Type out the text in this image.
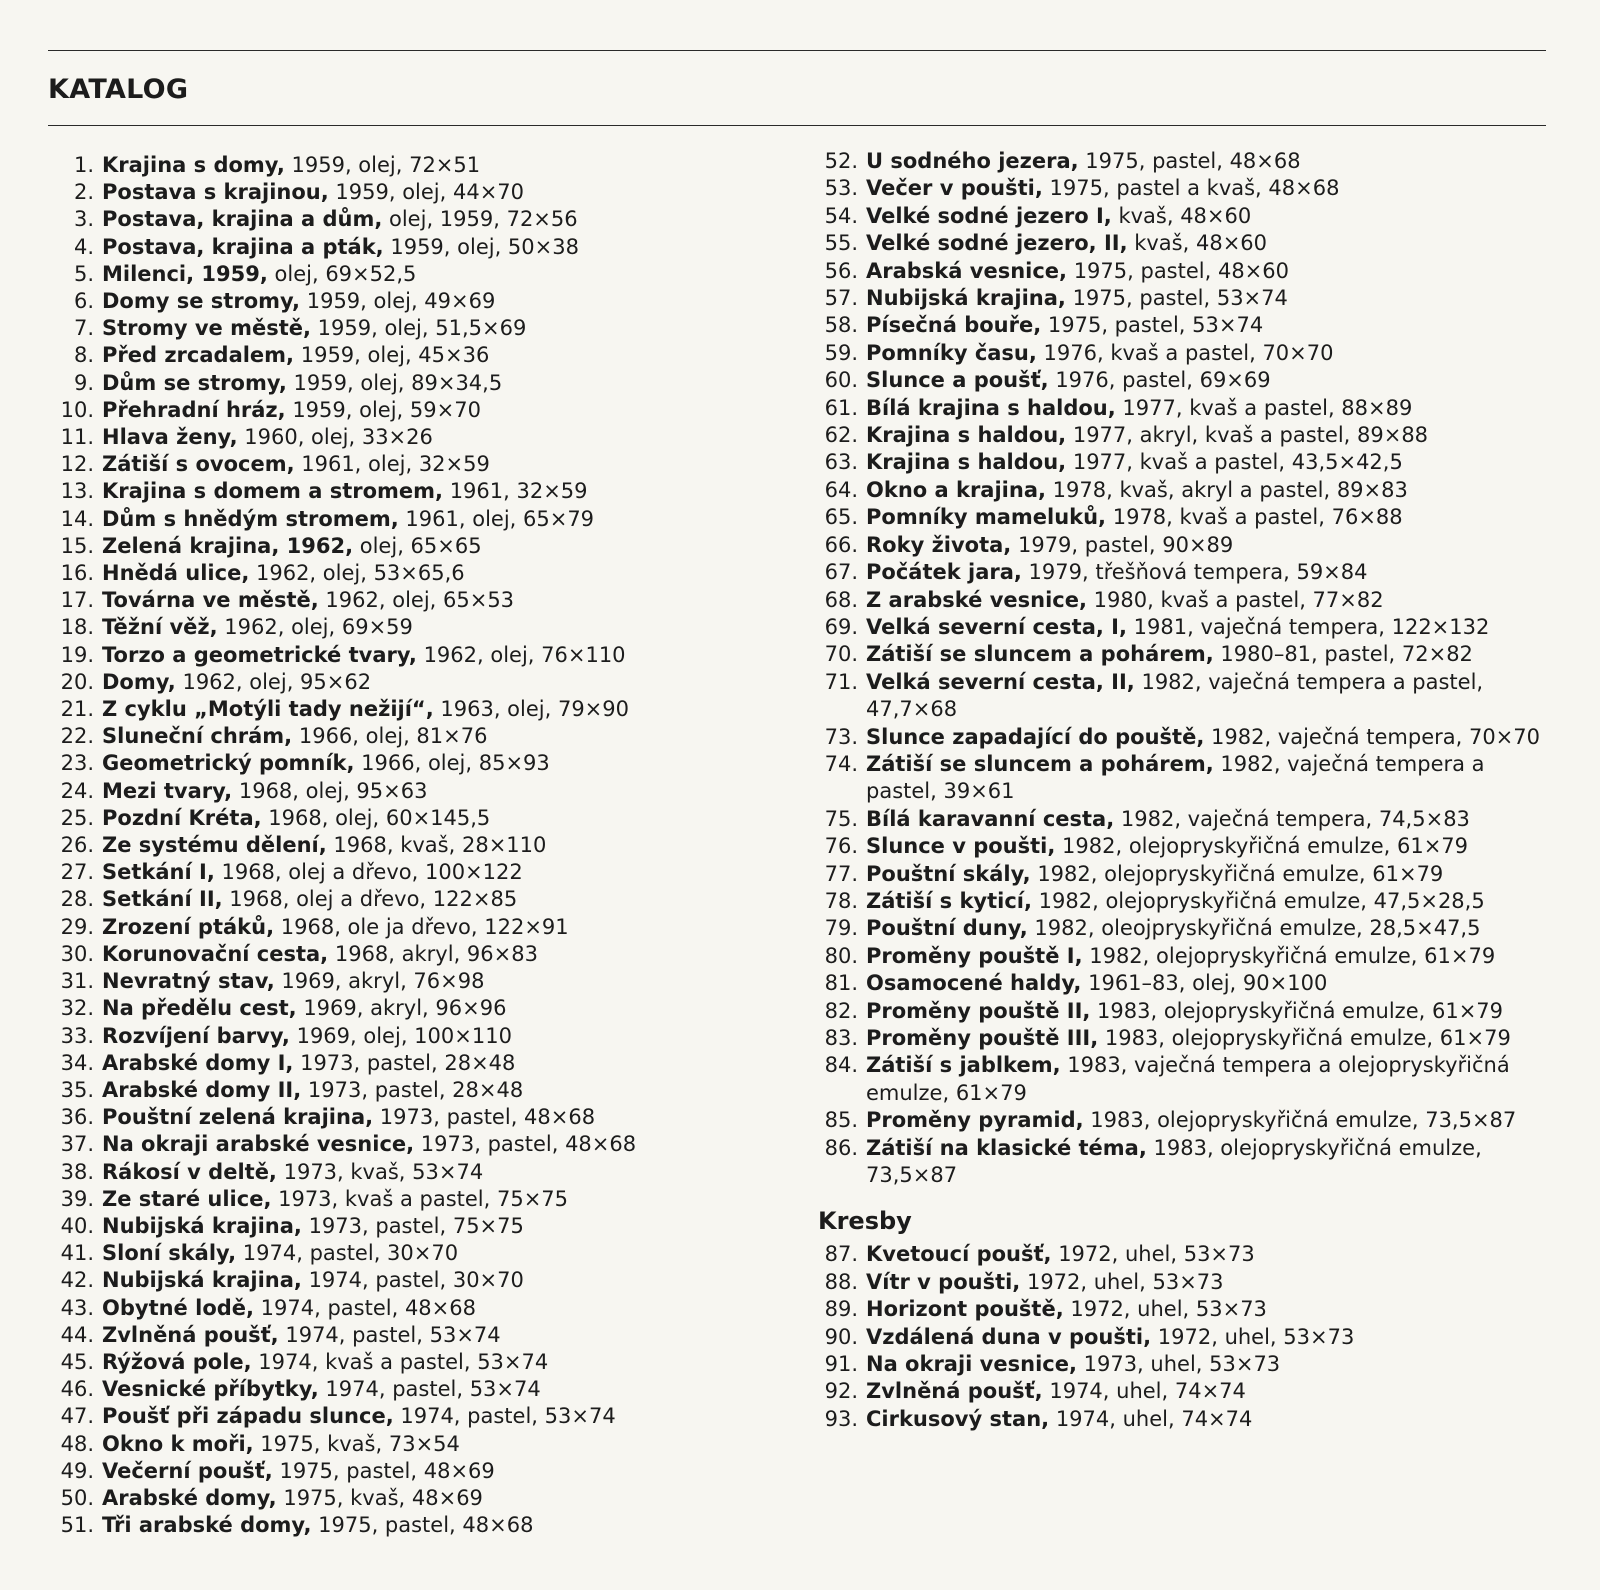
KATALOG
1. Krajina s domy, 1959, olej, 72×51
2. Postava s krajinou, 1959, olej, 44×70
3. Postava, krajina a dům, olej, 1959, 72×56
4. Postava, krajina a pták, 1959, olej, 50×38
5. Milenci, 1959, olej, 69×52,5
6. Domy se stromy, 1959, olej, 49×69
7. Stromy ve městě, 1959, olej, 51,5×69
8. Před zrcadalem, 1959, olej, 45×36
9. Dům se stromy, 1959, olej, 89×34,5
10. Přehradní hráz, 1959, olej, 59×70
11. Hlava ženy, 1960, olej, 33×26
12. Zátiší s ovocem, 1961, olej, 32×59
13. Krajina s domem a stromem, 1961, 32×59
14. Dům s hnědým stromem, 1961, olej, 65×79
15. Zelená krajina, 1962, olej, 65×65
16. Hnědá ulice, 1962, olej, 53×65,6
17. Továrna ve městě, 1962, olej, 65×53
18. Těžní věž, 1962, olej, 69×59
19. Torzo a geometrické tvary, 1962, olej, 76×110
20. Domy, 1962, olej, 95×62
21. Z cyklu „Motýli tady nežijí“, 1963, olej, 79×90
22. Sluneční chrám, 1966, olej, 81×76
23. Geometrický pomník, 1966, olej, 85×93
24. Mezi tvary, 1968, olej, 95×63
25. Pozdní Kréta, 1968, olej, 60×145,5
26. Ze systému dělení, 1968, kvaš, 28×110
27. Setkání I, 1968, olej a dřevo, 100×122
28. Setkání II, 1968, olej a dřevo, 122×85
29. Zrození ptáků, 1968, ole ja dřevo, 122×91
30. Korunovační cesta, 1968, akryl, 96×83
31. Nevratný stav, 1969, akryl, 76×98
32. Na předělu cest, 1969, akryl, 96×96
33. Rozvíjení barvy, 1969, olej, 100×110
34. Arabské domy I, 1973, pastel, 28×48
35. Arabské domy II, 1973, pastel, 28×48
36. Pouštní zelená krajina, 1973, pastel, 48×68
37. Na okraji arabské vesnice, 1973, pastel, 48×68
38. Rákosí v deltě, 1973, kvaš, 53×74
39. Ze staré ulice, 1973, kvaš a pastel, 75×75
40. Nubijská krajina, 1973, pastel, 75×75
41. Sloní skály, 1974, pastel, 30×70
42. Nubijská krajina, 1974, pastel, 30×70
43. Obytné lodě, 1974, pastel, 48×68
44. Zvlněná poušť, 1974, pastel, 53×74
45. Rýžová pole, 1974, kvaš a pastel, 53×74
46. Vesnické příbytky, 1974, pastel, 53×74
47. Poušť při západu slunce, 1974, pastel, 53×74
48. Okno k moři, 1975, kvaš, 73×54
49. Večerní poušť, 1975, pastel, 48×69
50. Arabské domy, 1975, kvaš, 48×69
51. Tři arabské domy, 1975, pastel, 48×68
52. U sodného jezera, 1975, pastel, 48×68
53. Večer v poušti, 1975, pastel a kvaš, 48×68
54. Velké sodné jezero I, kvaš, 48×60
55. Velké sodné jezero, II, kvaš, 48×60
56. Arabská vesnice, 1975, pastel, 48×60
57. Nubijská krajina, 1975, pastel, 53×74
58. Písečná bouře, 1975, pastel, 53×74
59. Pomníky času, 1976, kvaš a pastel, 70×70
60. Slunce a poušť, 1976, pastel, 69×69
61. Bílá krajina s haldou, 1977, kvaš a pastel, 88×89
62. Krajina s haldou, 1977, akryl, kvaš a pastel, 89×88
63. Krajina s haldou, 1977, kvaš a pastel, 43,5×42,5
64. Okno a krajina, 1978, kvaš, akryl a pastel, 89×83
65. Pomníky mameluků, 1978, kvaš a pastel, 76×88
66. Roky života, 1979, pastel, 90×89
67. Počátek jara, 1979, třešňová tempera, 59×84
68. Z arabské vesnice, 1980, kvaš a pastel, 77×82
69. Velká severní cesta, I, 1981, vaječná tempera, 122×132
70. Zátiší se sluncem a pohárem, 1980–81, pastel, 72×82
71. Velká severní cesta, II, 1982, vaječná tempera a pastel, 47,7×68
73. Slunce zapadající do pouště, 1982, vaječná tempera, 70×70
74. Zátiší se sluncem a pohárem, 1982, vaječná tempera a pastel, 39×61
75. Bílá karavanní cesta, 1982, vaječná tempera, 74,5×83
76. Slunce v poušti, 1982, olejopryskyřičná emulze, 61×79
77. Pouštní skály, 1982, olejopryskyřičná emulze, 61×79
78. Zátiší s kyticí, 1982, olejopryskyřičná emulze, 47,5×28,5
79. Pouštní duny, 1982, oleojpryskyřičná emulze, 28,5×47,5
80. Proměny pouště I, 1982, olejopryskyřičná emulze, 61×79
81. Osamocené haldy, 1961–83, olej, 90×100
82. Proměny pouště II, 1983, olejopryskyřičná emulze, 61×79
83. Proměny pouště III, 1983, olejopryskyřičná emulze, 61×79
84. Zátiší s jablkem, 1983, vaječná tempera a olejopryskyřičná emulze, 61×79
85. Proměny pyramid, 1983, olejopryskyřičná emulze, 73,5×87
86. Zátiší na klasické téma, 1983, olejopryskyřičná emulze, 73,5×87
Kresby
87. Kvetoucí poušť, 1972, uhel, 53×73
88. Vítr v poušti, 1972, uhel, 53×73
89. Horizont pouště, 1972, uhel, 53×73
90. Vzdálená duna v poušti, 1972, uhel, 53×73
91. Na okraji vesnice, 1973, uhel, 53×73
92. Zvlněná poušť, 1974, uhel, 74×74
93. Cirkusový stan, 1974, uhel, 74×74
